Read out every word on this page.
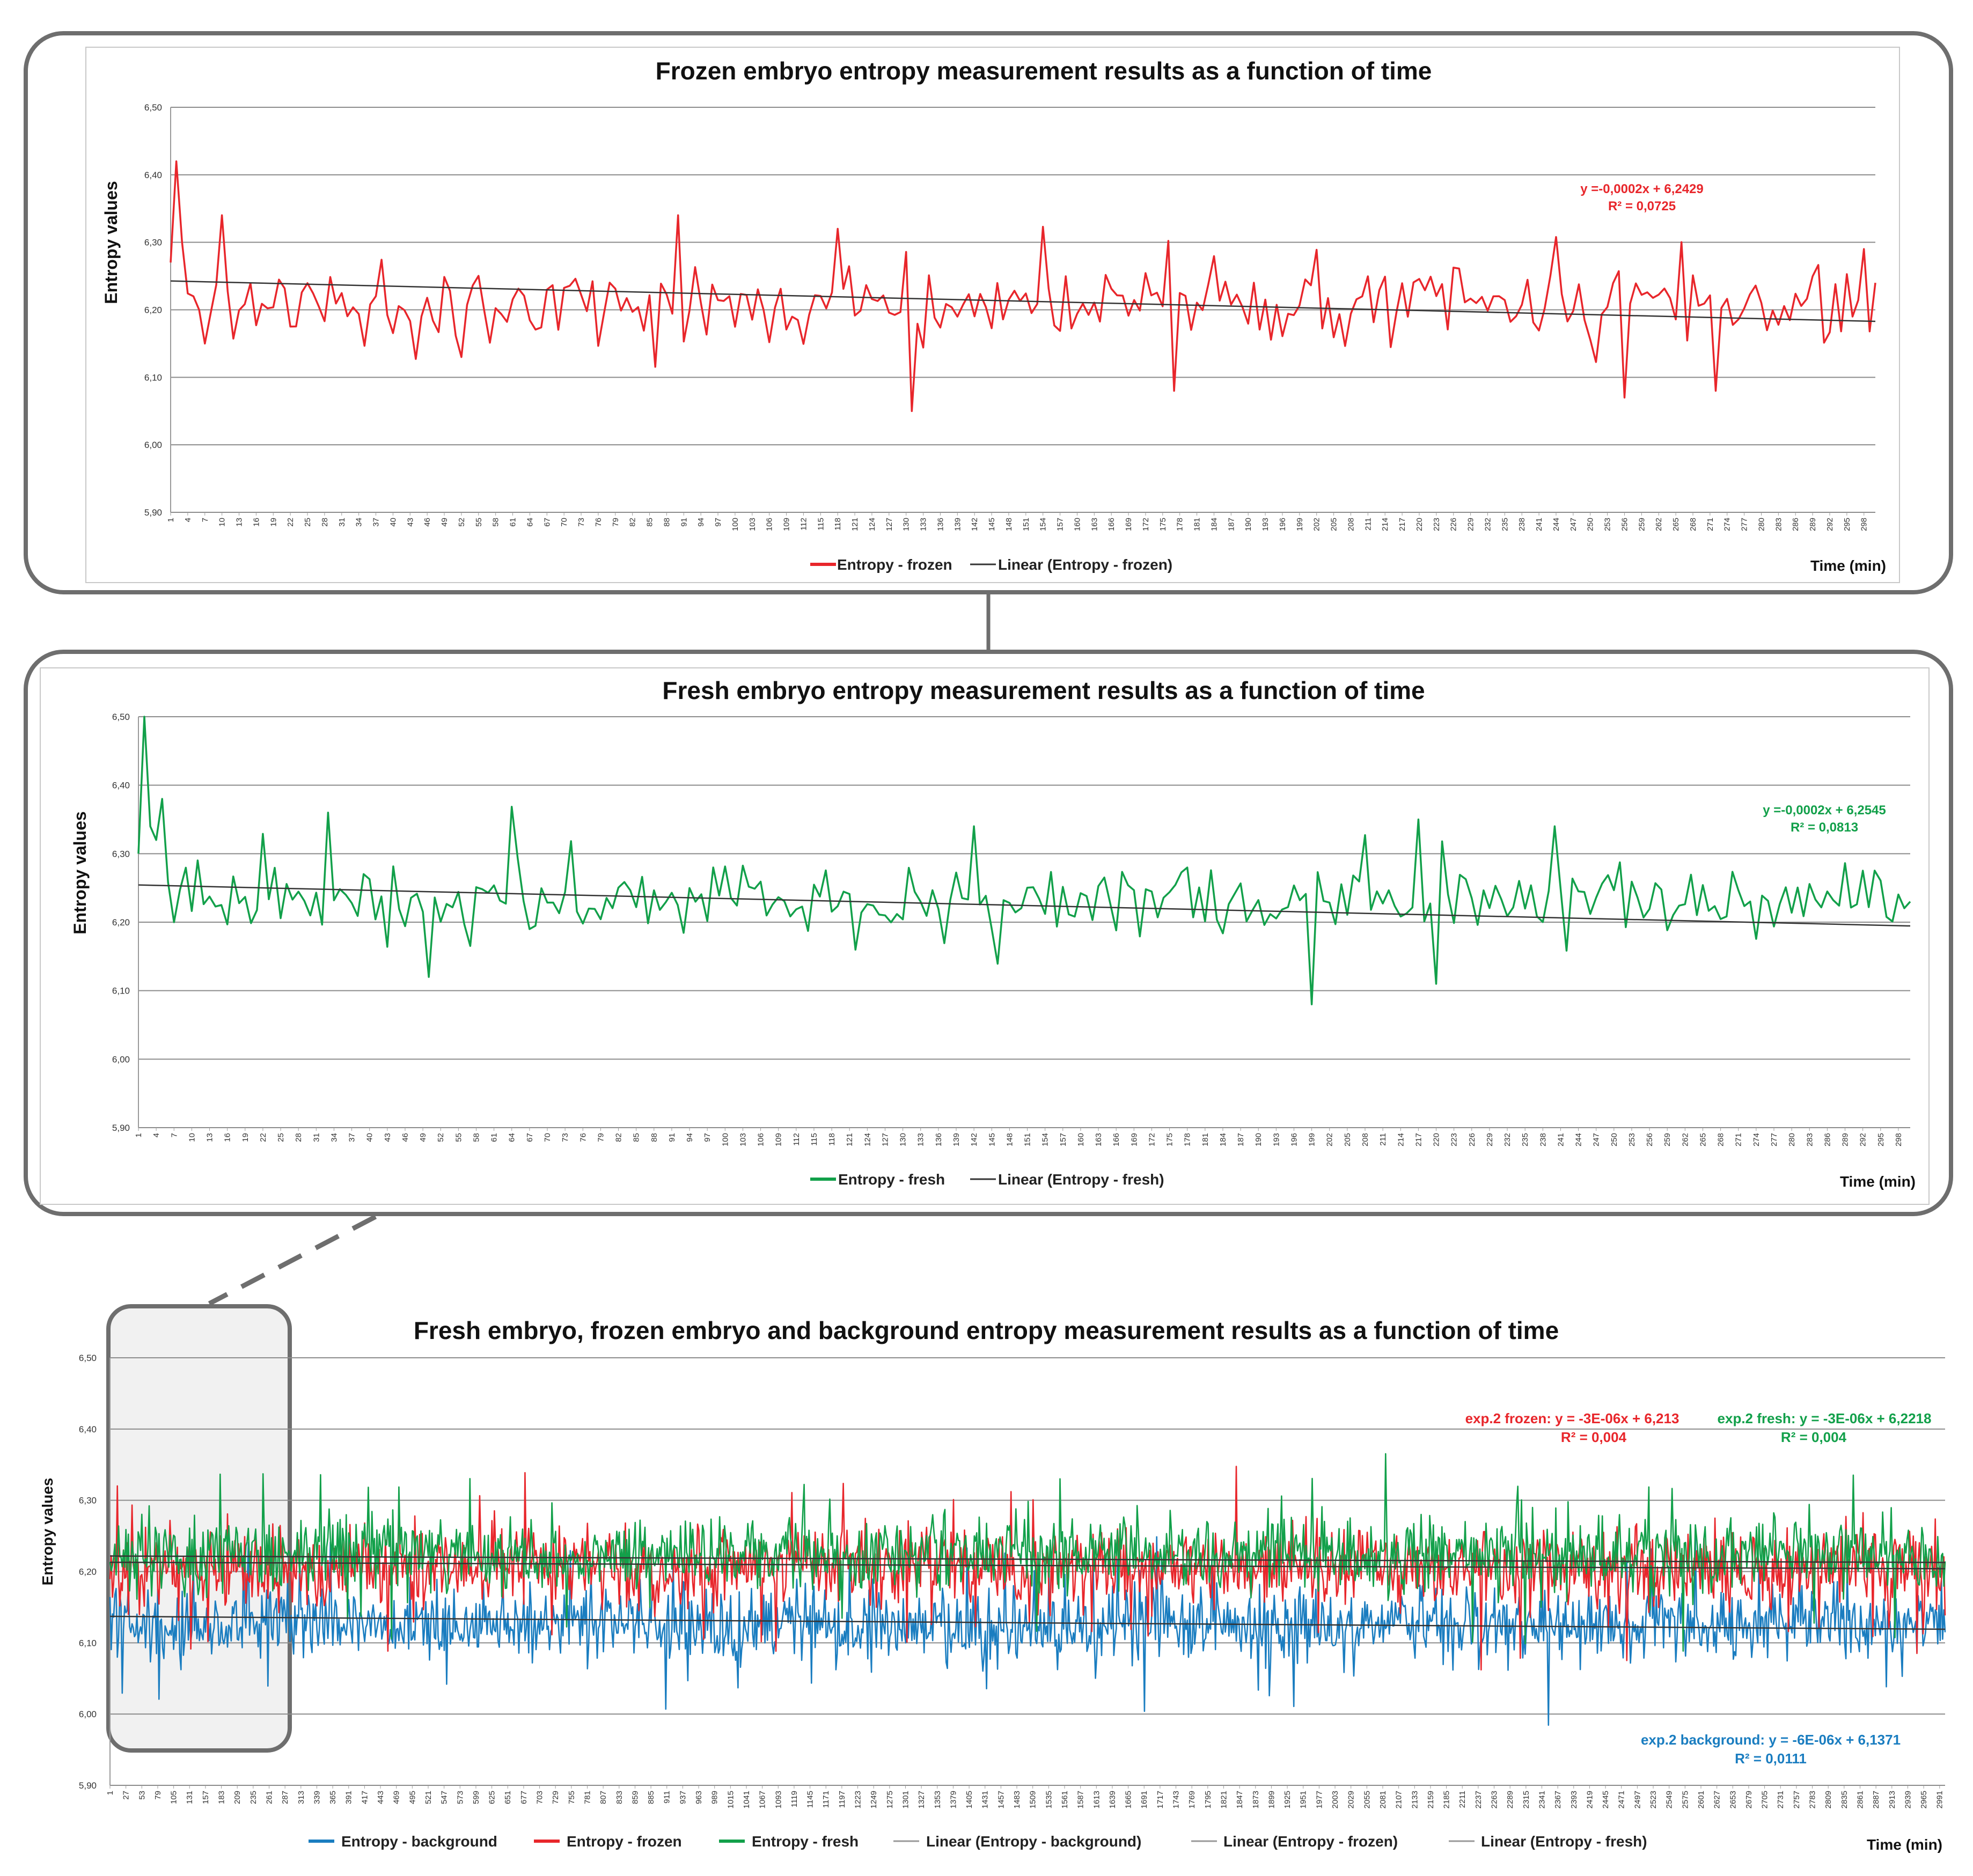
Frozen embryo entropy measurement results as a function of time
Entropy values
5,90
6,00
6,10
6,20
6,30
6,40
6,50
1 4 7 10 13 16 19 22 25 28 31 34 37 40 43 46 49 52 55 58 61 64 67 70 73 76 79 82 85 88 91 94 97 100 103 106 109 112 115 118 121 124 127 130 133 136 139 142 145 148 151 154 157 160 163 166 169 172 175 178 181 184 187 190 193 196 199 202 205 208 211 214 217 220 223 226 229 232 235 238 241 244 247 250 253 256 259 262 265 268 271 274 277 280 283 286 289 292 295 298
y =-0,0002x + 6,2429
R² = 0,0725
Entropy - frozen	Linear (Entropy - frozen)	Time (min)
Fresh embryo entropy measurement results as a function of time
Entropy values
5,90
6,00
6,10
6,20
6,30
6,40
6,50
1 4 7 10 13 16 19 22 25 28 31 34 37 40 43 46 49 52 55 58 61 64 67 70 73 76 79 82 85 88 91 94 97 100 103 106 109 112 115 118 121 124 127 130 133 136 139 142 145 148 151 154 157 160 163 166 169 172 175 178 181 184 187 190 193 196 199 202 205 208 211 214 217 220 223 226 229 232 235 238 241 244 247 250 253 256 259 262 265 268 271 274 277 280 283 286 289 292 295 298
y =-0,0002x + 6,2545
R² = 0,0813
Entropy - fresh	Linear (Entropy - fresh)	Time (min)
Fresh embryo, frozen embryo and background entropy measurement results as a function of time
Entropy values
5,90
6,00
6,10
6,20
6,30
6,40
6,50
1 27 53 79 105 131 157 183 209 235 261 287 313 339 365 391 417 443 469 495 521 547 573 599 625 651 677 703 729 755 781 807 833 859 885 911 937 963 989 1015 1041 1067 1093 1119 1145 1171 1197 1223 1249 1275 1301 1327 1353 1379 1405 1431 1457 1483 1509 1535 1561 1587 1613 1639 1665 1691 1717 1743 1769 1795 1821 1847 1873 1899 1925 1951 1977 2003 2029 2055 2081 2107 2133 2159 2185 2211 2237 2263 2289 2315 2341 2367 2393 2419 2445 2471 2497 2523 2549 2575 2601 2627 2653 2679 2705 2731 2757 2783 2809 2835 2861 2887 2913 2939 2965 2991
exp.2 frozen: y = -3E-06x + 6,213
R² = 0,004
exp.2 fresh: y = -3E-06x + 6,2218
R² = 0,004
exp.2 background: y = -6E-06x + 6,1371
R² = 0,0111
Entropy - background	Entropy - frozen	Entropy - fresh	Linear (Entropy - background)	Linear (Entropy - frozen)	Linear (Entropy - fresh)	Time (min)
